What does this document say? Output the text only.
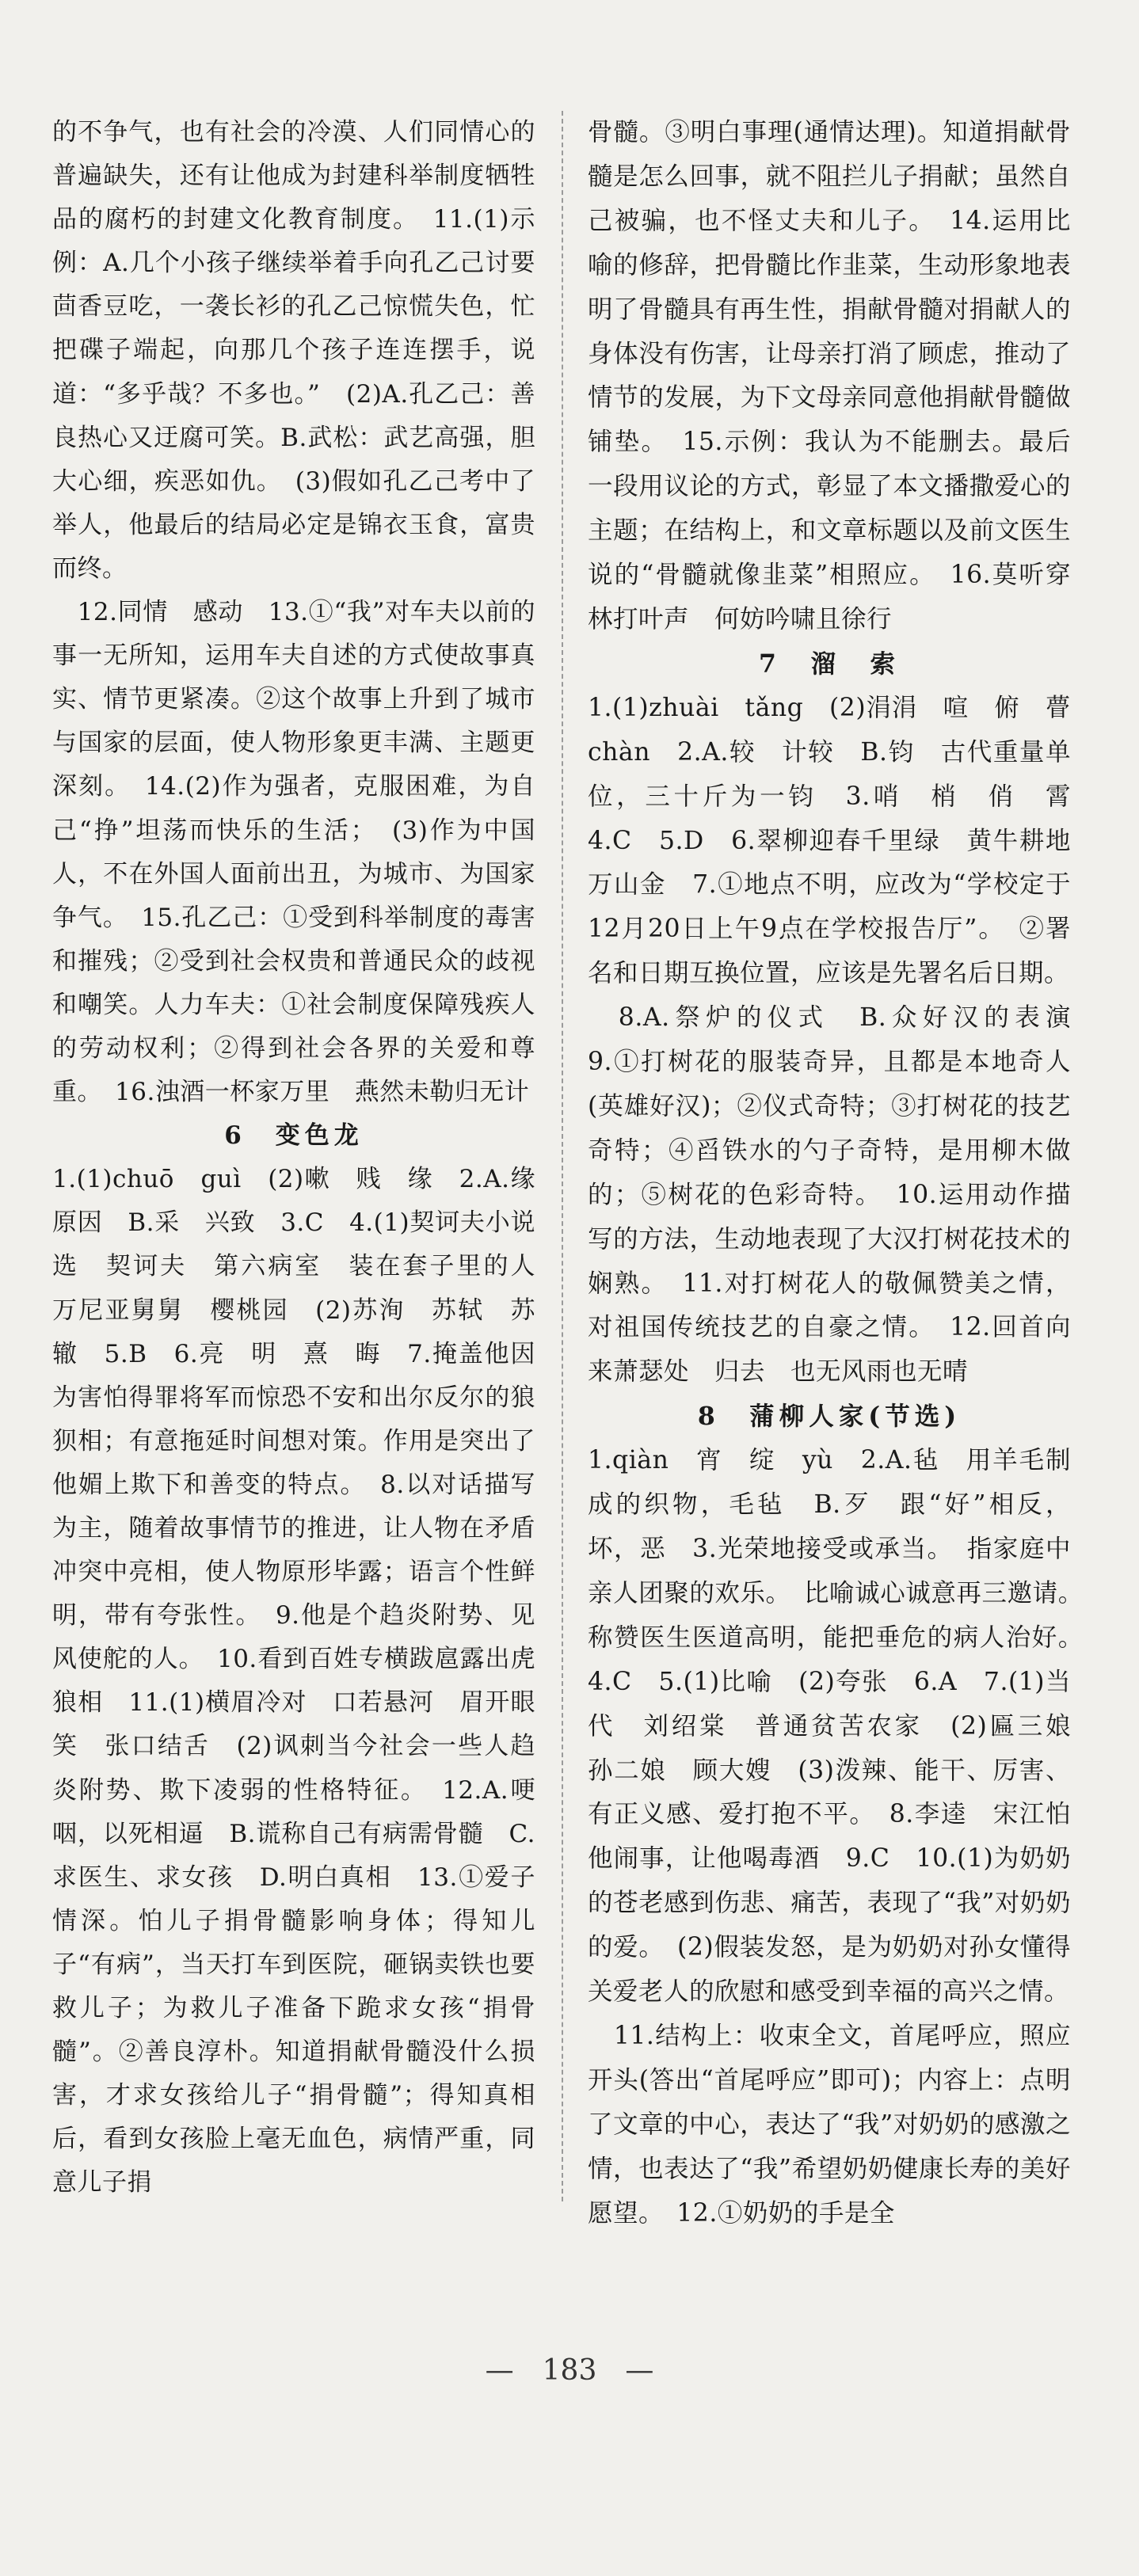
的不争气，也有社会的冷漠、人们同情心的普遍缺失，还有让他成为封建科举制度牺牲品的腐朽的封建文化教育制度。　11.(1)示例：A.几个小孩子继续举着手向孔乙己讨要茴香豆吃，一袭长衫的孔乙己惊慌失色，忙把碟子端起，向那几个孩子连连摆手，说道：“多乎哉？不多也。”　(2)A.孔乙己：善良热心又迂腐可笑。B.武松：武艺高强，胆大心细，疾恶如仇。　(3)假如孔乙己考中了举人，他最后的结局必定是锦衣玉食，富贵而终。

　12.同情　感动　13.①“我”对车夫以前的事一无所知，运用车夫自述的方式使故事真实、情节更紧凑。②这个故事上升到了城市与国家的层面，使人物形象更丰满、主题更深刻。　14.(2)作为强者，克服困难，为自己“挣”坦荡而快乐的生活；　(3)作为中国人，不在外国人面前出丑，为城市、为国家争气。　15.孔乙己：①受到科举制度的毒害和摧残；②受到社会权贵和普通民众的歧视和嘲笑。人力车夫：①社会制度保障残疾人的劳动权利；②得到社会各界的关爱和尊重。　16.浊酒一杯家万里　燕然未勒归无计

6　变色龙

1.(1)chuō　guì　(2)嗽　贱　缘　2.A.缘　原因　B.采　兴致　3.C　4.(1)契诃夫小说选　契诃夫　第六病室　装在套子里的人　万尼亚舅舅　樱桃园　(2)苏洵　苏轼　苏辙　5.B　6.亮　明　熹　晦　7.掩盖他因为害怕得罪将军而惊恐不安和出尔反尔的狼狈相；有意拖延时间想对策。作用是突出了他媚上欺下和善变的特点。　8.以对话描写为主，随着故事情节的推进，让人物在矛盾冲突中亮相，使人物原形毕露；语言个性鲜明，带有夸张性。　9.他是个趋炎附势、见风使舵的人。　10.看到百姓专横跋扈露出虎狼相　11.(1)横眉冷对　口若悬河　眉开眼笑　张口结舌　(2)讽刺当今社会一些人趋炎附势、欺下凌弱的性格特征。　12.A.哽咽，以死相逼　B.谎称自己有病需骨髓　C.求医生、求女孩　D.明白真相　13.①爱子情深。怕儿子捐骨髓影响身体；得知儿子“有病”，当天打车到医院，砸锅卖铁也要救儿子；为救儿子准备下跪求女孩“捐骨髓”。②善良淳朴。知道捐献骨髓没什么损害，才求女孩给儿子“捐骨髓”；得知真相后，看到女孩脸上毫无血色，病情严重，同意儿子捐

骨髓。③明白事理(通情达理)。知道捐献骨髓是怎么回事，就不阻拦儿子捐献；虽然自己被骗，也不怪丈夫和儿子。　14.运用比喻的修辞，把骨髓比作韭菜，生动形象地表明了骨髓具有再生性，捐献骨髓对捐献人的身体没有伤害，让母亲打消了顾虑，推动了情节的发展，为下文母亲同意他捐献骨髓做铺垫。　15.示例：我认为不能删去。最后一段用议论的方式，彰显了本文播撒爱心的主题；在结构上，和文章标题以及前文医生说的“骨髓就像韭菜”相照应。　16.莫听穿林打叶声　何妨吟啸且徐行

7　溜　索

1.(1)zhuài　tǎng　(2)涓涓　喧　俯　瞢　chàn　2.A.较　计较　B.钧　古代重量单位，三十斤为一钧　3.哨　梢　俏　霄　4.C　5.D　6.翠柳迎春千里绿　黄牛耕地万山金　7.①地点不明，应改为“学校定于12月20日上午9点在学校报告厅”。　②署名和日期互换位置，应该是先署名后日期。

　8.A.祭炉的仪式　B.众好汉的表演　9.①打树花的服装奇异，且都是本地奇人(英雄好汉)；②仪式奇特；③打树花的技艺奇特；④舀铁水的勺子奇特，是用柳木做的；⑤树花的色彩奇特。　10.运用动作描写的方法，生动地表现了大汉打树花技术的娴熟。　11.对打树花人的敬佩赞美之情，对祖国传统技艺的自豪之情。　12.回首向来萧瑟处　归去　也无风雨也无晴

8　蒲柳人家(节选)

1.qiàn　宵　绽　yù　2.A.毡　用羊毛制成的织物，毛毡　B.歹　跟“好”相反，坏，恶　3.光荣地接受或承当。　指家庭中亲人团聚的欢乐。　比喻诚心诚意再三邀请。　称赞医生医道高明，能把垂危的病人治好。　4.C　5.(1)比喻　(2)夸张　6.A　7.(1)当代　刘绍棠　普通贫苦农家　(2)匾三娘　孙二娘　顾大嫂　(3)泼辣、能干、厉害、有正义感、爱打抱不平。　8.李逵　宋江怕他闹事，让他喝毒酒　9.C　10.(1)为奶奶的苍老感到伤悲、痛苦，表现了“我”对奶奶的爱。　(2)假装发怒，是为奶奶对孙女懂得关爱老人的欣慰和感受到幸福的高兴之情。

　11.结构上：收束全文，首尾呼应，照应开头(答出“首尾呼应”即可)；内容上：点明了文章的中心，表达了“我”对奶奶的感激之情，也表达了“我”希望奶奶健康长寿的美好愿望。　12.①奶奶的手是全

—　183　—
